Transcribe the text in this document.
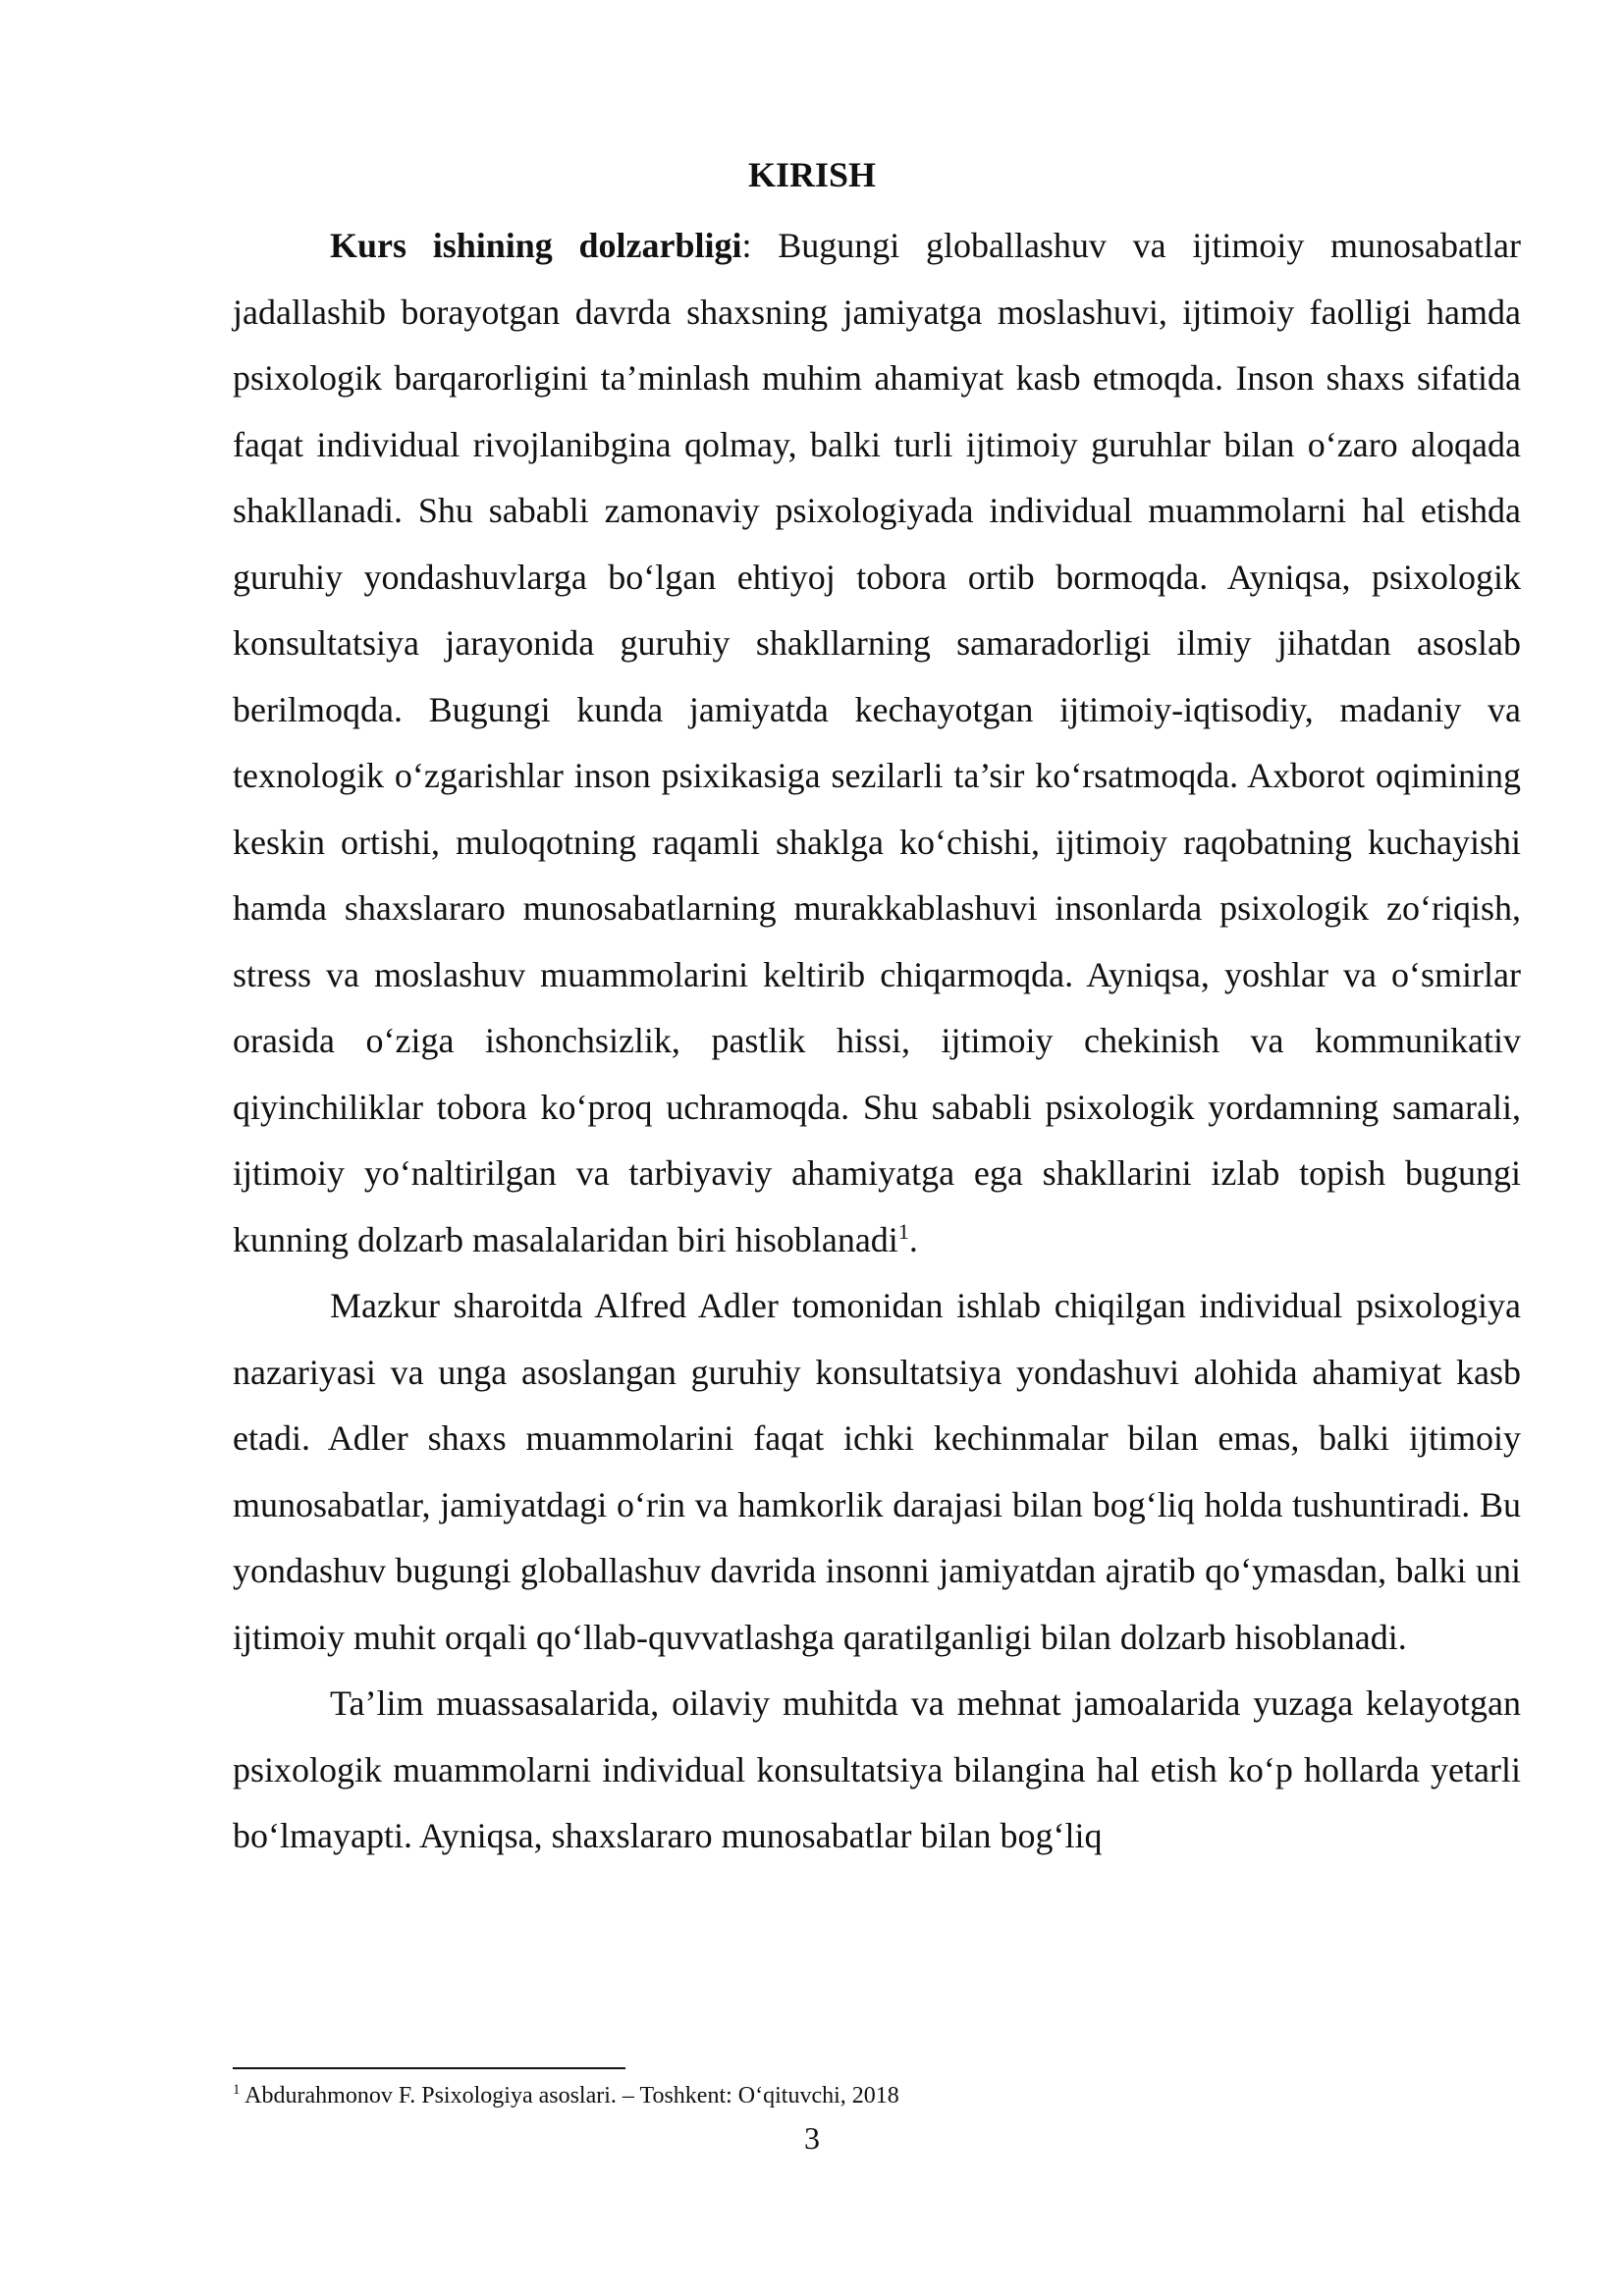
KIRISH

Kurs ishining dolzarbligi: Bugungi globallashuv va ijtimoiy munosabatlar jadallashib borayotgan davrda shaxsning jamiyatga moslashuvi, ijtimoiy faolligi hamda psixologik barqarorligini ta’minlash muhim ahamiyat kasb etmoqda. Inson shaxs sifatida faqat individual rivojlanibgina qolmay, balki turli ijtimoiy guruhlar bilan o‘zaro aloqada shakllanadi. Shu sababli zamonaviy psixologiyada individual muammolarni hal etishda guruhiy yondashuvlarga bo‘lgan ehtiyoj tobora ortib bormoqda. Ayniqsa, psixologik konsultatsiya jarayonida guruhiy shakllarning samaradorligi ilmiy jihatdan asoslab berilmoqda. Bugungi kunda jamiyatda kechayotgan ijtimoiy-iqtisodiy, madaniy va texnologik o‘zgarishlar inson psixikasiga sezilarli ta’sir ko‘rsatmoqda. Axborot oqimining keskin ortishi, muloqotning raqamli shaklga ko‘chishi, ijtimoiy raqobatning kuchayishi hamda shaxslararo munosabatlarning murakkablashuvi insonlarda psixologik zo‘riqish, stress va moslashuv muammolarini keltirib chiqarmoqda. Ayniqsa, yoshlar va o‘smirlar orasida o‘ziga ishonchsizlik, pastlik hissi, ijtimoiy chekinish va kommunikativ qiyinchiliklar tobora ko‘proq uchramoqda. Shu sababli psixologik yordamning samarali, ijtimoiy yo‘naltirilgan va tarbiyaviy ahamiyatga ega shakllarini izlab topish bugungi kunning dolzarb masalalaridan biri hisoblanadi$^1$.

Mazkur sharoitda Alfred Adler tomonidan ishlab chiqilgan individual psixologiya nazariyasi va unga asoslangan guruhiy konsultatsiya yondashuvi alohida ahamiyat kasb etadi. Adler shaxs muammolarini faqat ichki kechinmalar bilan emas, balki ijtimoiy munosabatlar, jamiyatdagi o‘rin va hamkorlik darajasi bilan bog‘liq holda tushuntiradi. Bu yondashuv bugungi globallashuv davrida insonni jamiyatdan ajratib qo‘ymasdan, balki uni ijtimoiy muhit orqali qo‘llab-quvvatlashga qaratilganligi bilan dolzarb hisoblanadi.

Ta’lim muassasalarida, oilaviy muhitda va mehnat jamoalarida yuzaga kelayotgan psixologik muammolarni individual konsultatsiya bilangina hal etish ko‘p hollarda yetarli bo‘lmayapti. Ayniqsa, shaxslararo munosabatlar bilan bog‘liq

$^1$ Abdurahmonov F. Psixologiya asoslari. – Toshkent: O‘qituvchi, 2018
3
